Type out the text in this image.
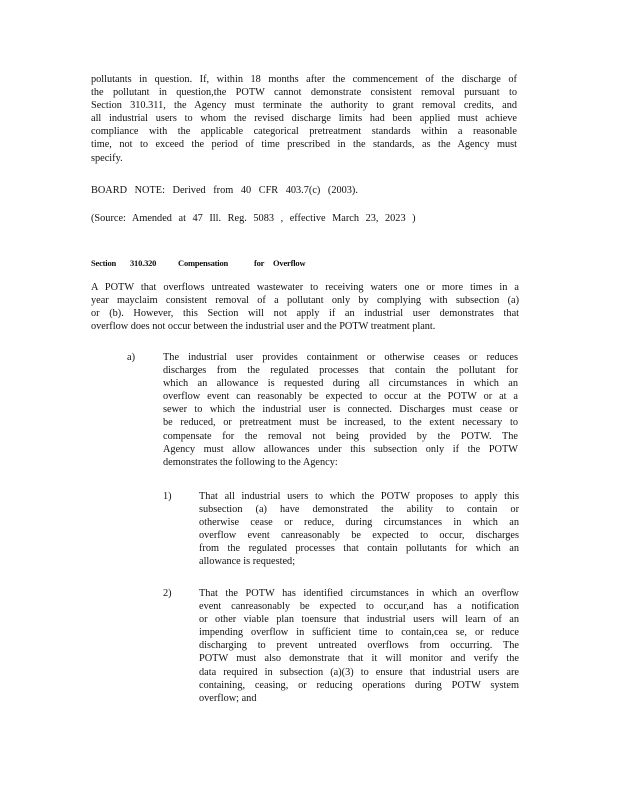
pollutants in question. If, within 18 months after the commencement of the discharge of
the pollutant in question,the POTW cannot demonstrate consistent removal pursuant to
Section 310.311, the Agency must terminate the authority to grant removal credits, and
all industrial users to whom the revised discharge limits had been applied must achieve
compliance with the applicable categorical pretreatment standards within a reasonable
time, not to exceed the period of time prescribed in the standards, as the Agency must
specify.
BOARD NOTE: Derived from 40 CFR 403.7(c) (2003).
(Source: Amended at 47 Ill. Reg. 5083 , effective March 23, 2023 )
Section 310.320	Compensation	for Overflow
A POTW that overflows untreated wastewater to receiving waters one or more times in a
year mayclaim consistent removal of a pollutant only by complying with subsection (a)
or (b). However, this Section will not apply if an industrial user demonstrates that
overflow does not occur between the industrial user and the POTW treatment plant.
a)	The industrial user provides containment or otherwise ceases or reduces
discharges from the regulated processes that contain the pollutant for
which an allowance is requested during all circumstances in which an
overflow event can reasonably be expected to occur at the POTW or at a
sewer to which the industrial user is connected. Discharges must cease or
be reduced, or pretreatment must be increased, to the extent necessary to
compensate for the removal not being provided by the POTW. The
Agency must allow allowances under this subsection only if the POTW
demonstrates the following to the Agency:
1)	That all industrial users to which the POTW proposes to apply this
subsection (a) have demonstrated the ability to contain or
otherwise cease or reduce, during circumstances in which an
overflow event canreasonably be expected to occur, discharges
from the regulated processes that contain pollutants for which an
allowance is requested;
2)	That the POTW has identified circumstances in which an overflow
event canreasonably be expected to occur,and has a notification
or other viable plan toensure that industrial users will learn of an
impending overflow in sufficient time to contain,cea se, or reduce
discharging to prevent untreated overflows from occurring. The
POTW must also demonstrate that it will monitor and verify the
data required in subsection (a)(3) to ensure that industrial users are
containing, ceasing, or reducing operations during POTW system
overflow; and
